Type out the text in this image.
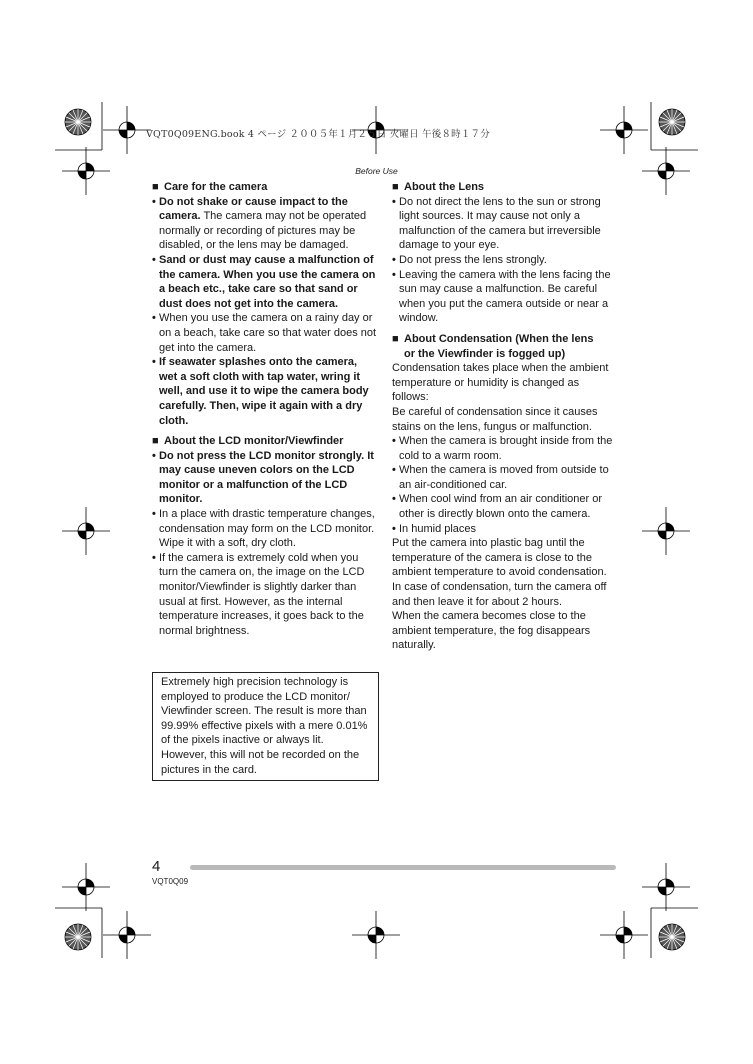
VQT0Q09ENG.book 4 ページ ２００５年１月２５日 火曜日 午後８時１７分
Before Use
■ Care for the camera
• Do not shake or cause impact to the camera. The camera may not be operated normally or recording of pictures may be disabled, or the lens may be damaged.
• Sand or dust may cause a malfunction of the camera. When you use the camera on a beach etc., take care so that sand or dust does not get into the camera.
• When you use the camera on a rainy day or on a beach, take care so that water does not get into the camera.
• If seawater splashes onto the camera, wet a soft cloth with tap water, wring it well, and use it to wipe the camera body carefully. Then, wipe it again with a dry cloth.
■ About the LCD monitor/Viewfinder
• Do not press the LCD monitor strongly. It may cause uneven colors on the LCD monitor or a malfunction of the LCD monitor.
• In a place with drastic temperature changes, condensation may form on the LCD monitor. Wipe it with a soft, dry cloth.
• If the camera is extremely cold when you turn the camera on, the image on the LCD monitor/Viewfinder is slightly darker than usual at first. However, as the internal temperature increases, it goes back to the normal brightness.
Extremely high precision technology is employed to produce the LCD monitor/ Viewfinder screen. The result is more than 99.99% effective pixels with a mere 0.01% of the pixels inactive or always lit. However, this will not be recorded on the pictures in the card.
■ About the Lens
• Do not direct the lens to the sun or strong light sources. It may cause not only a malfunction of the camera but irreversible damage to your eye.
• Do not press the lens strongly.
• Leaving the camera with the lens facing the sun may cause a malfunction. Be careful when you put the camera outside or near a window.
■ About Condensation (When the lens
or the Viewfinder is fogged up)

Condensation takes place when the ambient temperature or humidity is changed as follows:

Be careful of condensation since it causes stains on the lens, fungus or malfunction.

• When the camera is brought inside from the cold to a warm room.
• When the camera is moved from outside to an air-conditioned car.
• When cool wind from an air conditioner or other is directly blown onto the camera.
• In humid places

Put the camera into plastic bag until the temperature of the camera is close to the ambient temperature to avoid condensation. In case of condensation, turn the camera off and then leave it for about 2 hours.

When the camera becomes close to the ambient temperature, the fog disappears naturally.

4
VQT0Q09
